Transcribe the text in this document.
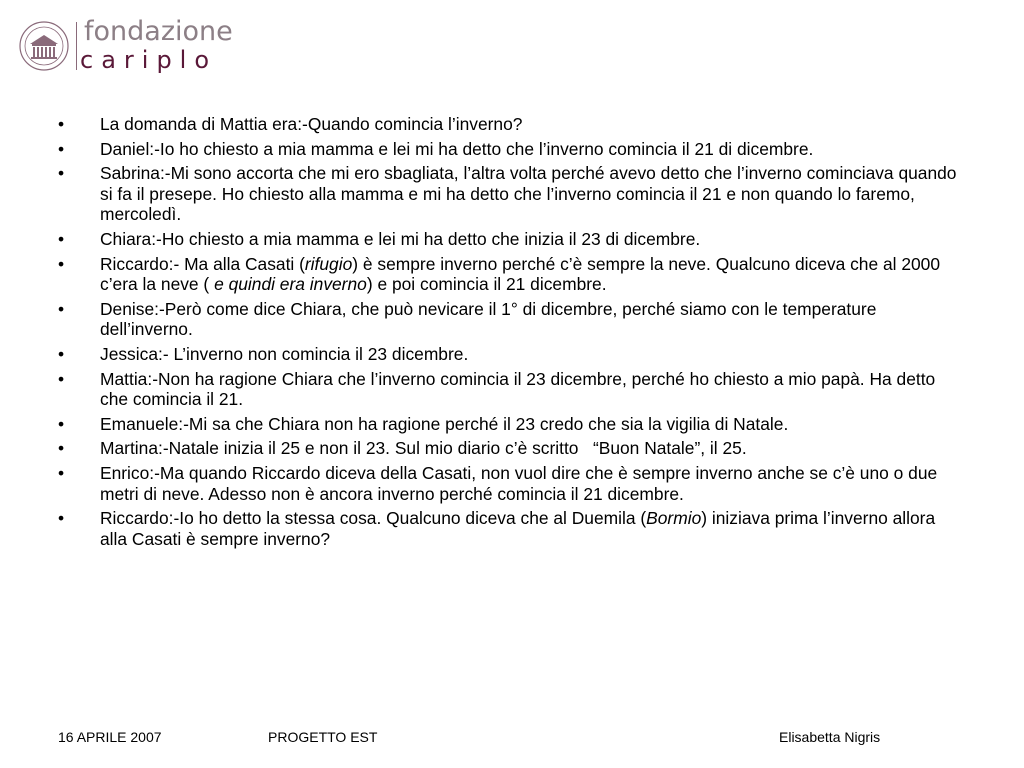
fondazione
cariplo
•	La domanda di Mattia era:-Quando comincia l’inverno?
•	Daniel:-Io ho chiesto a mia mamma e lei mi ha detto che l’inverno comincia il 21 di dicembre.
•	Sabrina:-Mi sono accorta che mi ero sbagliata, l’altra volta perché avevo detto che l’inverno cominciava quando si fa il presepe. Ho chiesto alla mamma e mi ha detto che l’inverno comincia il 21 e non quando lo faremo, mercoledì.
•	Chiara:-Ho chiesto a mia mamma e lei mi ha detto che inizia il 23 di dicembre.
•	Riccardo:- Ma alla Casati (rifugio) è sempre inverno perché c’è sempre la neve. Qualcuno diceva che al 2000 c’era la neve ( e quindi era inverno) e poi comincia il 21 dicembre.
•	Denise:-Però come dice Chiara, che può nevicare il 1° di dicembre, perché siamo con le temperature dell’inverno.
•	Jessica:- L’inverno non comincia il 23 dicembre.
•	Mattia:-Non ha ragione Chiara che l’inverno comincia il 23 dicembre, perché ho chiesto a mio papà. Ha detto che comincia il 21.
•	Emanuele:-Mi sa che Chiara non ha ragione perché il 23 credo che sia la vigilia di Natale.
•	Martina:-Natale inizia il 25 e non il 23. Sul mio diario c’è scritto   “Buon Natale”, il 25.
•	Enrico:-Ma quando Riccardo diceva della Casati, non vuol dire che è sempre inverno anche se c’è uno o due metri di neve. Adesso non è ancora inverno perché comincia il 21 dicembre.
•	Riccardo:-Io ho detto la stessa cosa. Qualcuno diceva che al Duemila (Bormio) iniziava prima l’inverno allora alla Casati è sempre inverno?
16 APRILE 2007	PROGETTO EST	Elisabetta Nigris
